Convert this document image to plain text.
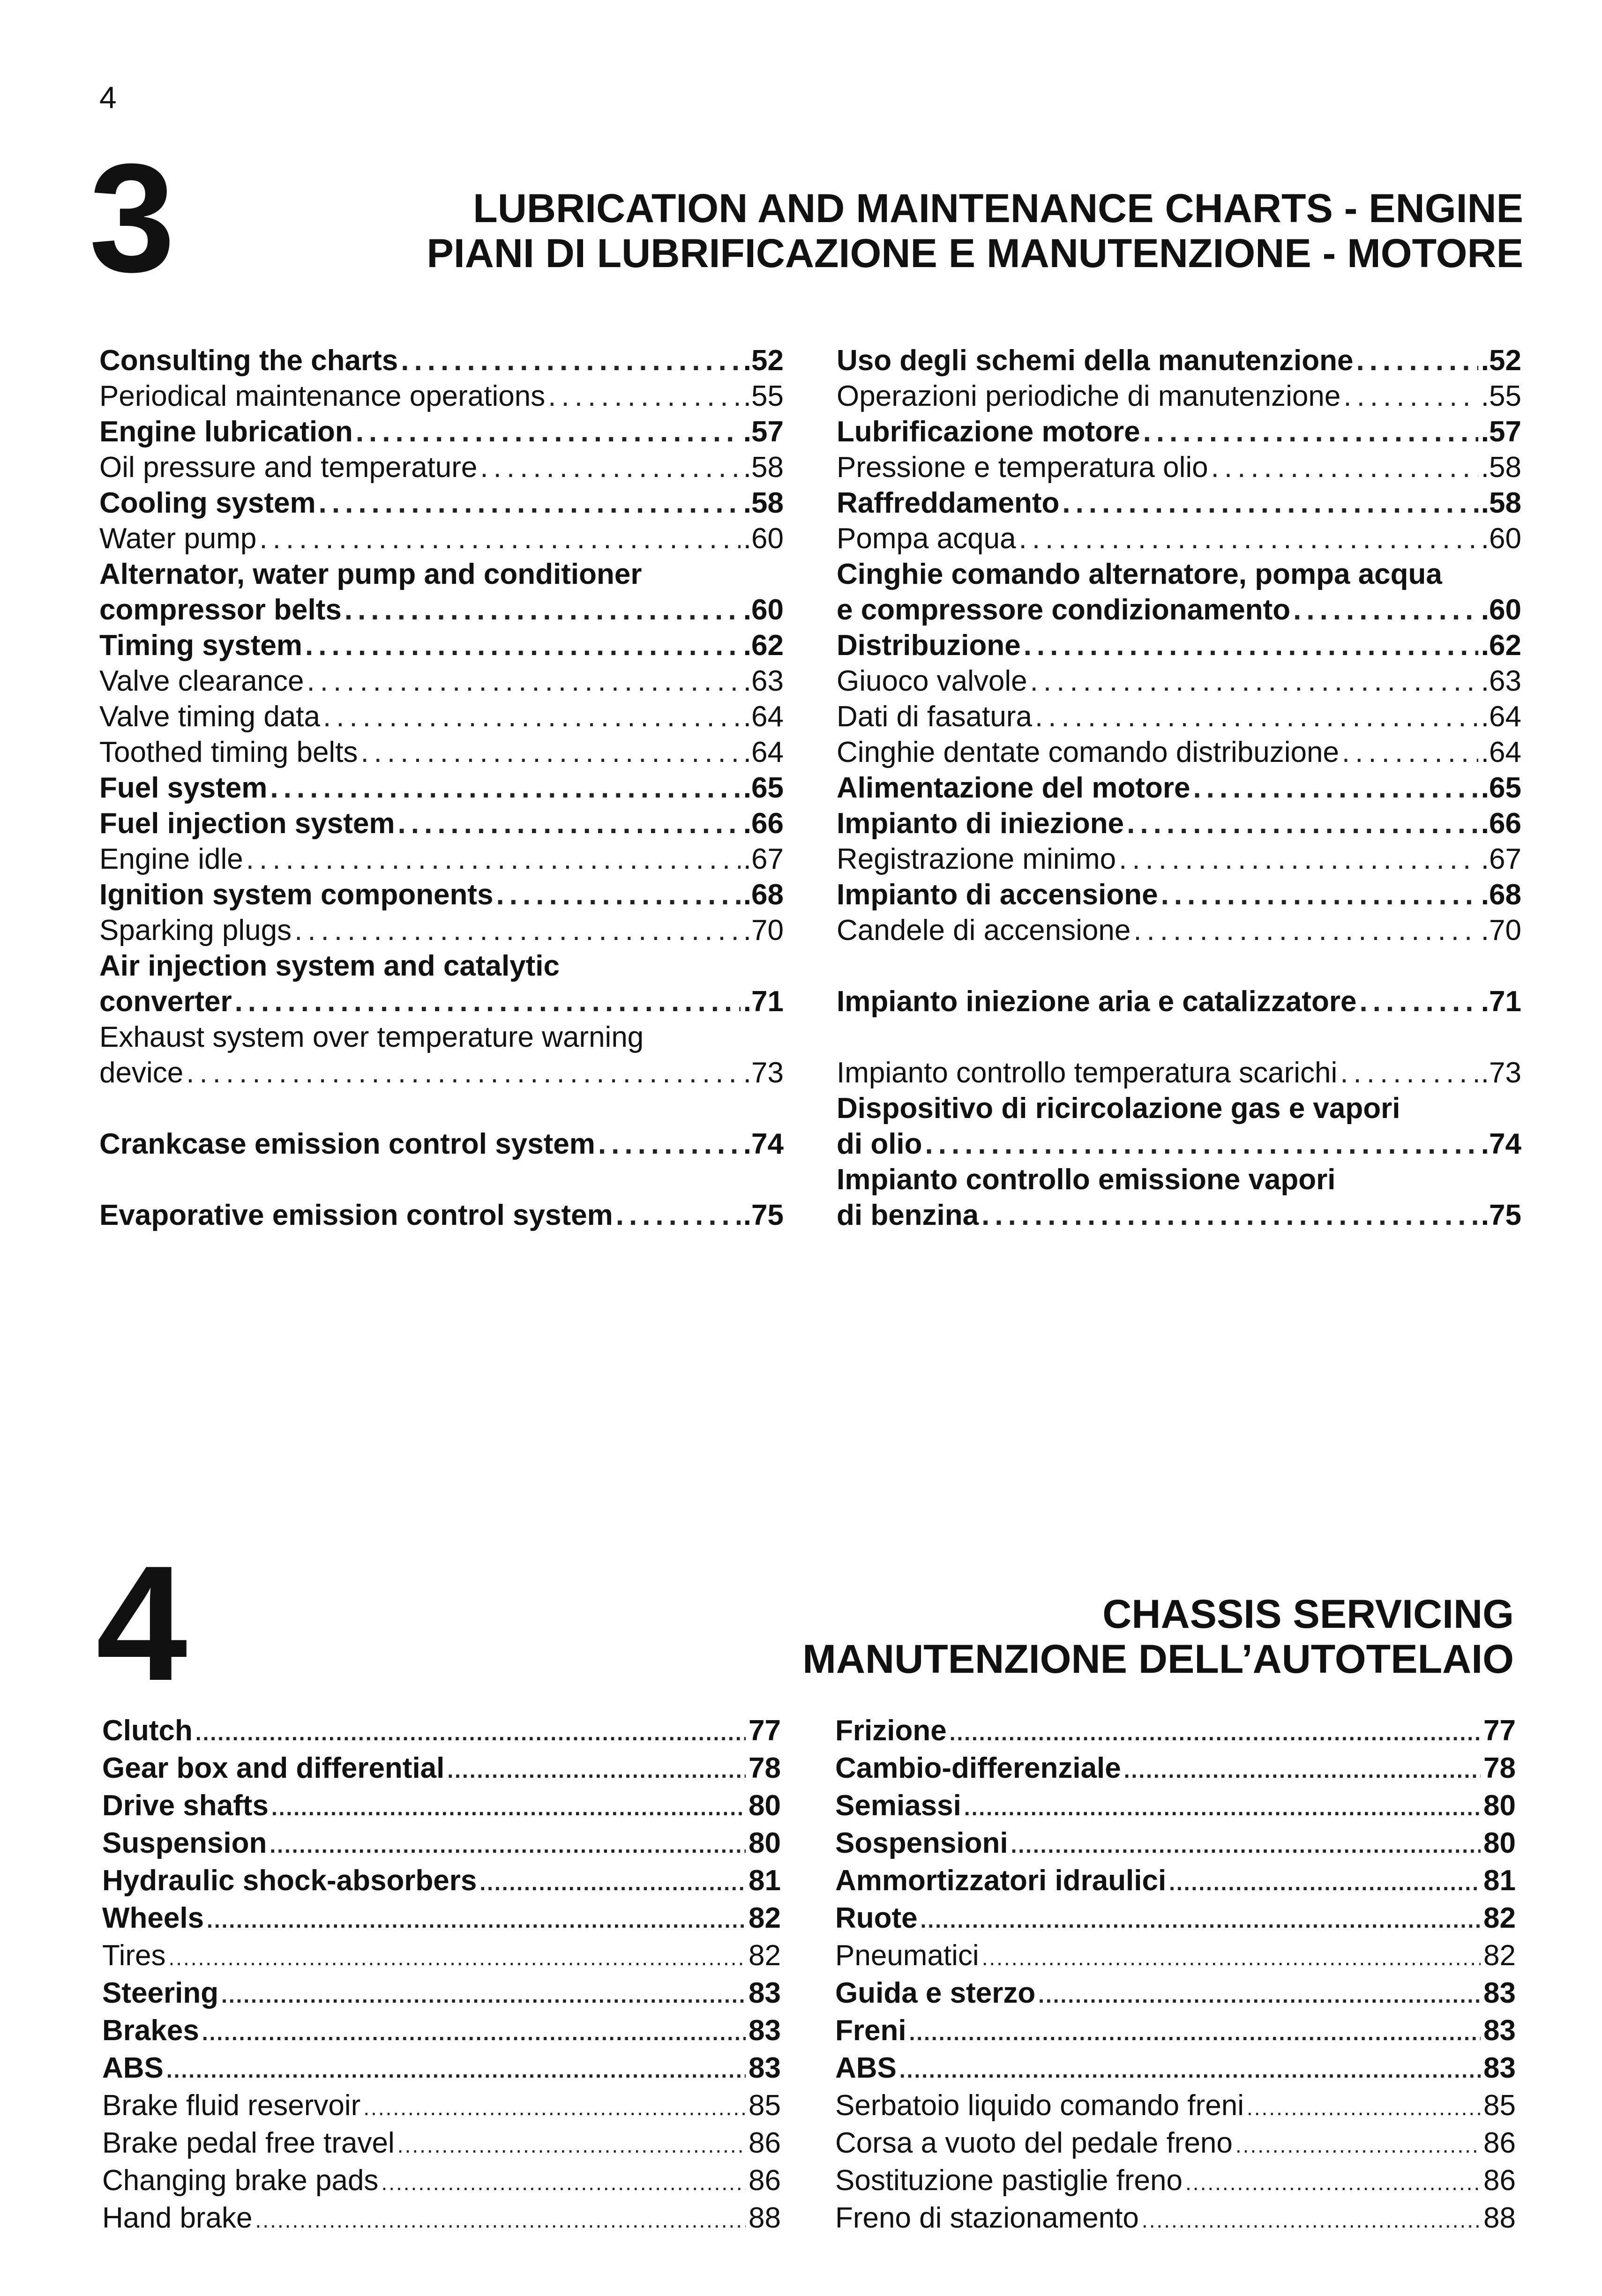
4
3	LUBRICATION AND MAINTENANCE CHARTS - ENGINE
PIANI DI LUBRIFICAZIONE E MANUTENZIONE - MOTORE
Consulting the charts .....	.52
Periodical maintenance operations .....	.55
Engine lubrication .....	.57
Oil pressure and temperature .....	.58
Cooling system .....	.58
Water pump .....	.60
Alternator, water pump and conditioner
compressor belts .....	.60
Timing system .....	.62
Valve clearance .....	.63
Valve timing data .....	.64
Toothed timing belts .....	.64
Fuel system .....	.65
Fuel injection system .....	.66
Engine idle .....	.67
Ignition system components .....	.68
Sparking plugs .....	.70
Air injection system and catalytic
converter .....	.71
Exhaust system over temperature warning
device .....	.73
Crankcase emission control system .....	.74
Evaporative emission control system .....	.75
Uso degli schemi della manutenzione .....	.52
Operazioni periodiche di manutenzione .....	.55
Lubrificazione motore .....	.57
Pressione e temperatura olio .....	.58
Raffreddamento .....	.58
Pompa acqua .....	.60
Cinghie comando alternatore, pompa acqua
e compressore condizionamento .....	.60
Distribuzione .....	.62
Giuoco valvole .....	.63
Dati di fasatura .....	.64
Cinghie dentate comando distribuzione .....	.64
Alimentazione del motore .....	.65
Impianto di iniezione .....	.66
Registrazione minimo .....	.67
Impianto di accensione .....	.68
Candele di accensione .....	.70
Impianto iniezione aria e catalizzatore .....	.71
Impianto controllo temperatura scarichi .....	.73
Dispositivo di ricircolazione gas e vapori
di olio .....	.74
Impianto controllo emissione vapori
di benzina .....	.75
4	CHASSIS SERVICING
MANUTENZIONE DELL’AUTOTELAIO
Clutch .....	77
Gear box and differential .....	78
Drive shafts .....	80
Suspension .....	80
Hydraulic shock-absorbers .....	81
Wheels .....	82
Tires .....	82
Steering .....	83
Brakes .....	83
ABS .....	83
Brake fluid reservoir .....	85
Brake pedal free travel .....	86
Changing brake pads .....	86
Hand brake .....	88
Frizione .....	77
Cambio-differenziale .....	78
Semiassi .....	80
Sospensioni .....	80
Ammortizzatori idraulici .....	81
Ruote .....	82
Pneumatici .....	82
Guida e sterzo .....	83
Freni .....	83
ABS .....	83
Serbatoio liquido comando freni .....	85
Corsa a vuoto del pedale freno .....	86
Sostituzione pastiglie freno .....	86
Freno di stazionamento .....	88
